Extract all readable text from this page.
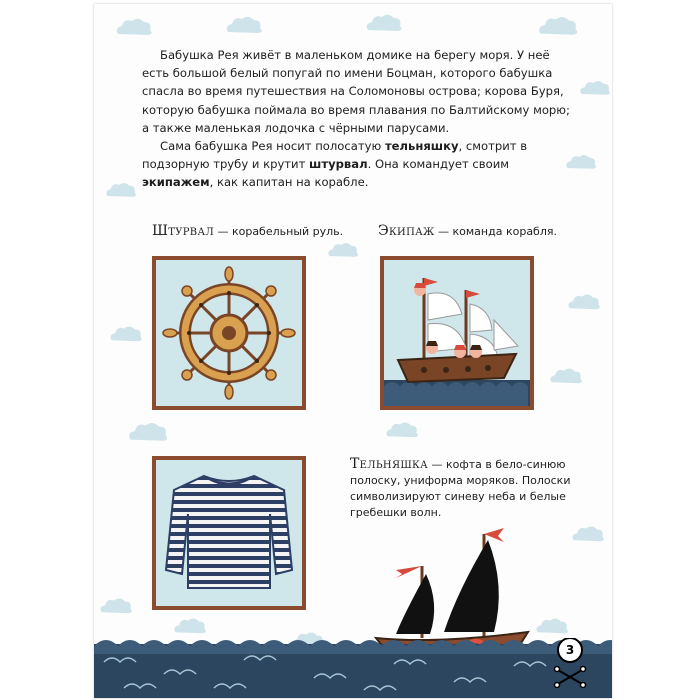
Бабушка Рея живёт в маленьком домике на берегу моря. У неё есть большой белый попугай по имени Боцман, которого бабушка спасла во время путешествия на Соломоновы острова; корова Буря, которую бабушка поймала во время плавания по Балтийскому морю; а также маленькая лодочка с чёрными парусами.

Сама бабушка Рея носит полосатую тельняшку, смотрит в подзорную трубу и крутит штурвал. Она командует своим экипажем, как капитан на корабле.

Штурвал — корабельный руль. Экипаж — команда корабля.
Тельняшка — кофта в бело-синюю полоску, униформа моряков. Полоски символизируют синеву неба и белые гребешки волн.
3
